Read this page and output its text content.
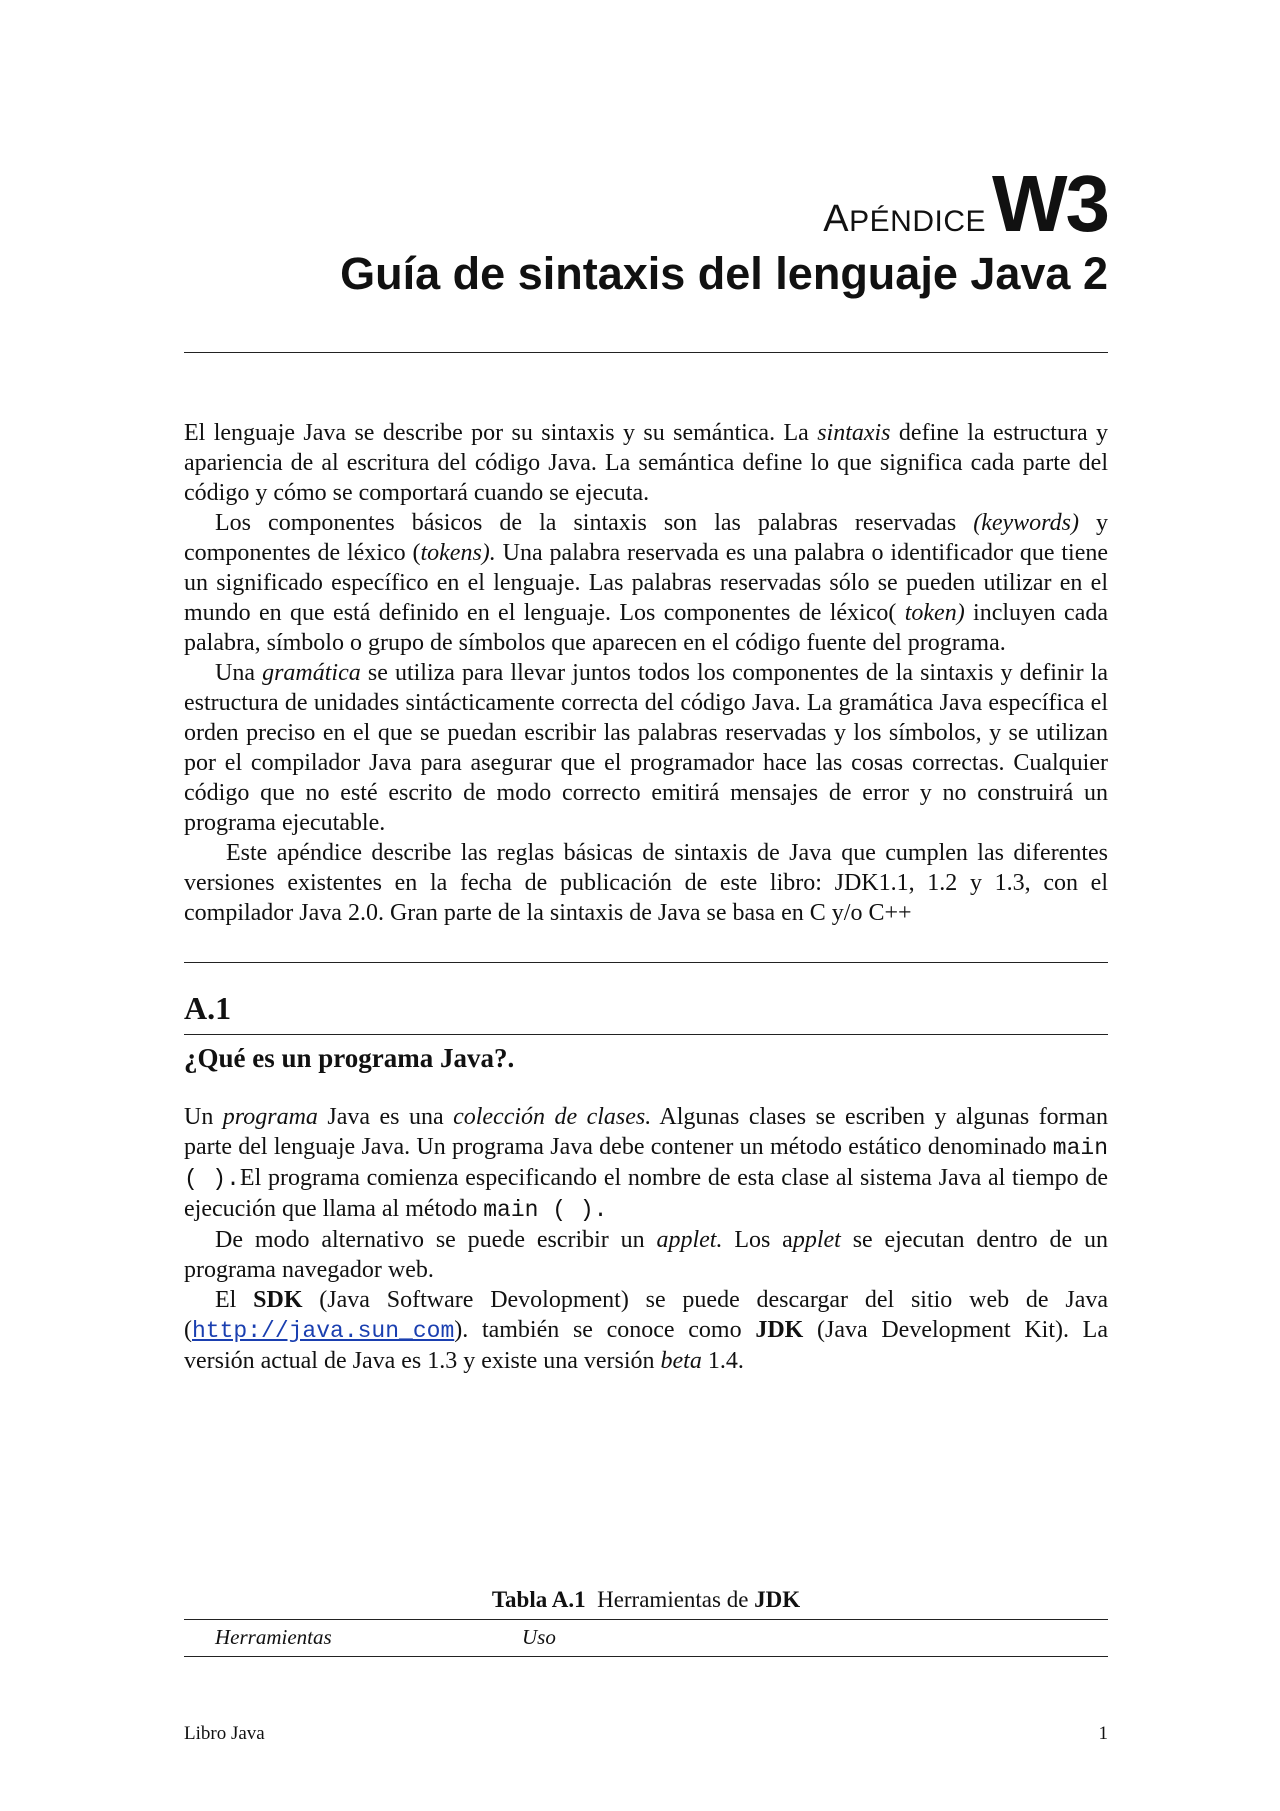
APÉNDICEW3
Guía de sintaxis del lenguaje Java 2

El lenguaje Java se describe por su sintaxis y su semántica. La sintaxis define la estructura y apariencia de al escritura del código Java. La semántica define lo que significa cada parte del código y cómo se comportará cuando se ejecuta.

Los componentes básicos de la sintaxis son las palabras reservadas (keywords) y componentes de léxico (tokens). Una palabra reservada es una palabra o identificador que tiene un significado específico en el lenguaje. Las palabras reservadas sólo se pueden utilizar en el mundo en que está definido en el lenguaje. Los componentes de léxico( token) incluyen cada palabra, símbolo o grupo de símbolos que aparecen en el código fuente del programa.

Una gramática se utiliza para llevar juntos todos los componentes de la sintaxis y definir la estructura de unidades sintácticamente correcta del código Java. La gramática Java específica el orden preciso en el que se puedan escribir las palabras reservadas y los símbolos, y se utilizan por el compilador Java para asegurar que el programador hace las cosas correctas. Cualquier código que no esté escrito de modo correcto emitirá mensajes de error y no construirá un programa ejecutable.

Este apéndice describe las reglas básicas de sintaxis de Java que cumplen las diferentes versiones existentes en la fecha de publicación de este libro: JDK1.1, 1.2 y 1.3, con el compilador Java 2.0. Gran parte de la sintaxis de Java se basa en C y/o C++

A.1
¿Qué es un programa Java?.

Un programa Java es una colección de clases. Algunas clases se escriben y algunas forman parte del lenguaje Java. Un programa Java debe contener un método estático denominado main ( ).El programa comienza especificando el nombre de esta clase al sistema Java al tiempo de ejecución que llama al método main ( ).

De modo alternativo se puede escribir un applet. Los applet se ejecutan dentro de un programa navegador web.

El SDK (Java Software Devolopment) se puede descargar del sitio web de Java (http://java.sun_com). también se conoce como JDK (Java Development Kit). La versión actual de Java es 1.3 y existe una versión beta 1.4.

Tabla A.1 Herramientas de JDK
Herramientas	Uso
Libro Java	1
